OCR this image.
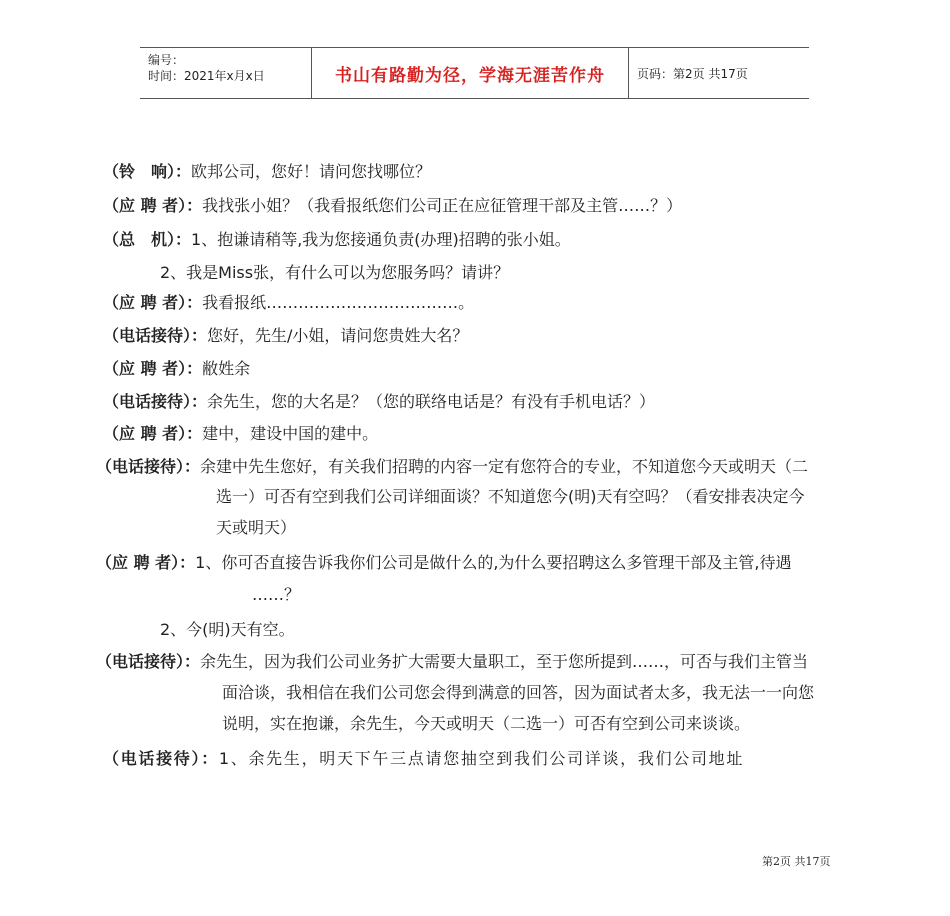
编号：
时间：2021年x月x日	书山有路勤为径，学海无涯苦作舟	页码：第2页 共17页
（铃　响）：欧邦公司，您好！请问您找哪位？
（应 聘 者）：我找张小姐？（我看报纸您们公司正在应征管理干部及主管……？）
（总　机）：1、抱谦请稍等,我为您接通负责(办理)招聘的张小姐。
2、我是Miss张，有什么可以为您服务吗？请讲？
（应 聘 者）：我看报纸………………………………。
（电话接待）：您好，先生/小姐，请问您贵姓大名？
（应 聘 者）：敝姓余
（电话接待）：余先生，您的大名是？（您的联络电话是？有没有手机电话？）
（应 聘 者）：建中，建设中国的建中。
（电话接待）：余建中先生您好，有关我们招聘的内容一定有您符合的专业，不知道您今天或明天（二
选一）可否有空到我们公司详细面谈？不知道您今(明)天有空吗？（看安排表决定今
天或明天）
（应 聘 者）：1、你可否直接告诉我你们公司是做什么的,为什么要招聘这么多管理干部及主管,待遇
……？
2、今(明)天有空。
（电话接待）：余先生，因为我们公司业务扩大需要大量职工，至于您所提到……，可否与我们主管当
面洽谈，我相信在我们公司您会得到满意的回答，因为面试者太多，我无法一一向您
说明，实在抱谦，余先生，今天或明天（二选一）可否有空到公司来谈谈。
（电话接待）：1、余先生，明天下午三点请您抽空到我们公司详谈，我们公司地址
第2页 共17页
